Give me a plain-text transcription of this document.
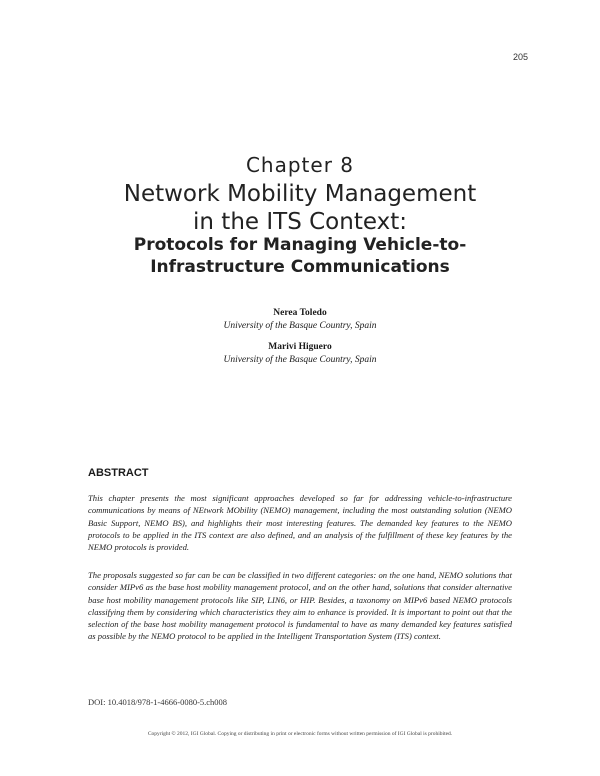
205
Chapter 8
Network Mobility Management
in the ITS Context:
Protocols for Managing Vehicle-to-
Infrastructure Communications
Nerea Toledo
University of the Basque Country, Spain
Marivi Higuero
University of the Basque Country, Spain
ABSTRACT

This chapter presents the most significant approaches developed so far for addressing vehicle-to-infrastructure communications by means of NEtwork MObility (NEMO) management, including the most outstanding solution (NEMO Basic Support, NEMO BS), and highlights their most interesting features. The demanded key features to the NEMO protocols to be applied in the ITS context are also defined, and an analysis of the fulfillment of these key features by the NEMO protocols is provided.

The proposals suggested so far can be can be classified in two different categories: on the one hand, NEMO solutions that consider MIPv6 as the base host mobility management protocol, and on the other hand, solutions that consider alternative base host mobility management protocols like SIP, LIN6, or HIP. Besides, a taxonomy on MIPv6 based NEMO protocols classifying them by considering which characteristics they aim to enhance is provided. It is important to point out that the selection of the base host mobility management protocol is fundamental to have as many demanded key features satisfied as possible by the NEMO protocol to be applied in the Intelligent Transportation System (ITS) context.

DOI: 10.4018/978-1-4666-0080-5.ch008
Copyright © 2012, IGI Global. Copying or distributing in print or electronic forms without written permission of IGI Global is prohibited.
